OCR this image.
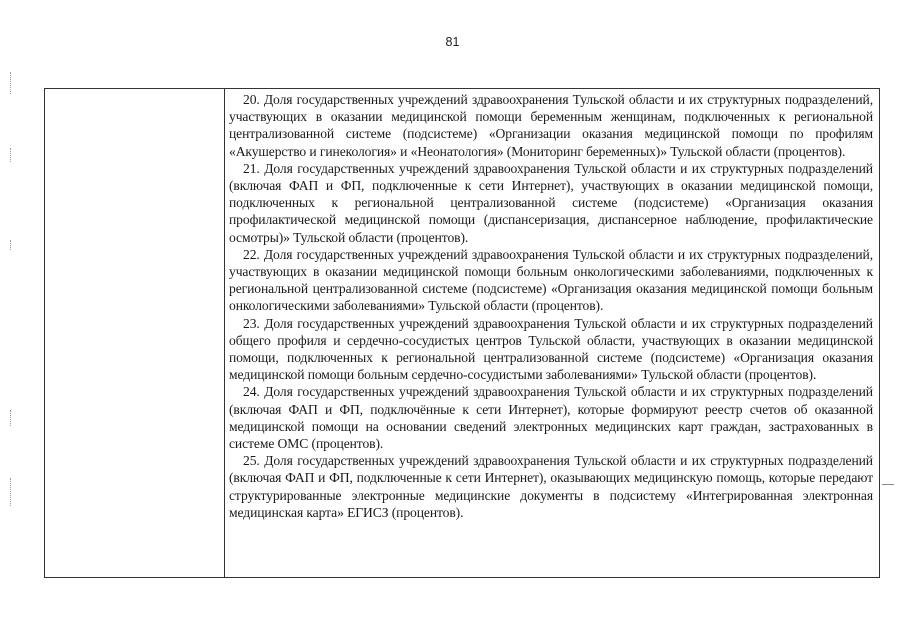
81

20. Доля государственных учреждений здравоохранения Тульской области и их структурных подразделений, участвующих в оказании медицинской помощи беременным женщинам, подключенных к региональной централизованной системе (подсистеме) «Организации оказания медицинской помощи по профилям «Акушерство и гинекология» и «Неонатология» (Мониторинг беременных)» Тульской области (процентов).

21. Доля государственных учреждений здравоохранения Тульской области и их структурных подразделений (включая ФАП и ФП, подключенные к сети Интернет), участвующих в оказании медицинской помощи, подключенных к региональной централизованной системе (подсистеме) «Организация оказания профилактической медицинской помощи (диспансеризация, диспансерное наблюдение, профилактические осмотры)» Тульской области (процентов).

22. Доля государственных учреждений здравоохранения Тульской области и их структурных подразделений, участвующих в оказании медицинской помощи больным онкологическими заболеваниями, подключенных к региональной централизованной системе (подсистеме) «Организация оказания медицинской помощи больным онкологическими заболеваниями» Тульской области (процентов).

23. Доля государственных учреждений здравоохранения Тульской области и их структурных подразделений общего профиля и сердечно-сосудистых центров Тульской области, участвующих в оказании медицинской помощи, подключенных к региональной централизованной системе (подсистеме) «Организация оказания медицинской помощи больным сердечно-сосудистыми заболеваниями» Тульской области (процентов).

24. Доля государственных учреждений здравоохранения Тульской области и их структурных подразделений (включая ФАП и ФП, подключённые к сети Интернет), которые формируют реестр счетов об оказанной медицинской помощи на основании сведений электронных медицинских карт граждан, застрахованных в системе ОМС (процентов).

25. Доля государственных учреждений здравоохранения Тульской области и их структурных подразделений (включая ФАП и ФП, подключенные к сети Интернет), оказывающих медицинскую помощь, которые передают структурированные электронные медицинские документы в подсистему «Интегрированная электронная медицинская карта» ЕГИСЗ (процентов).
